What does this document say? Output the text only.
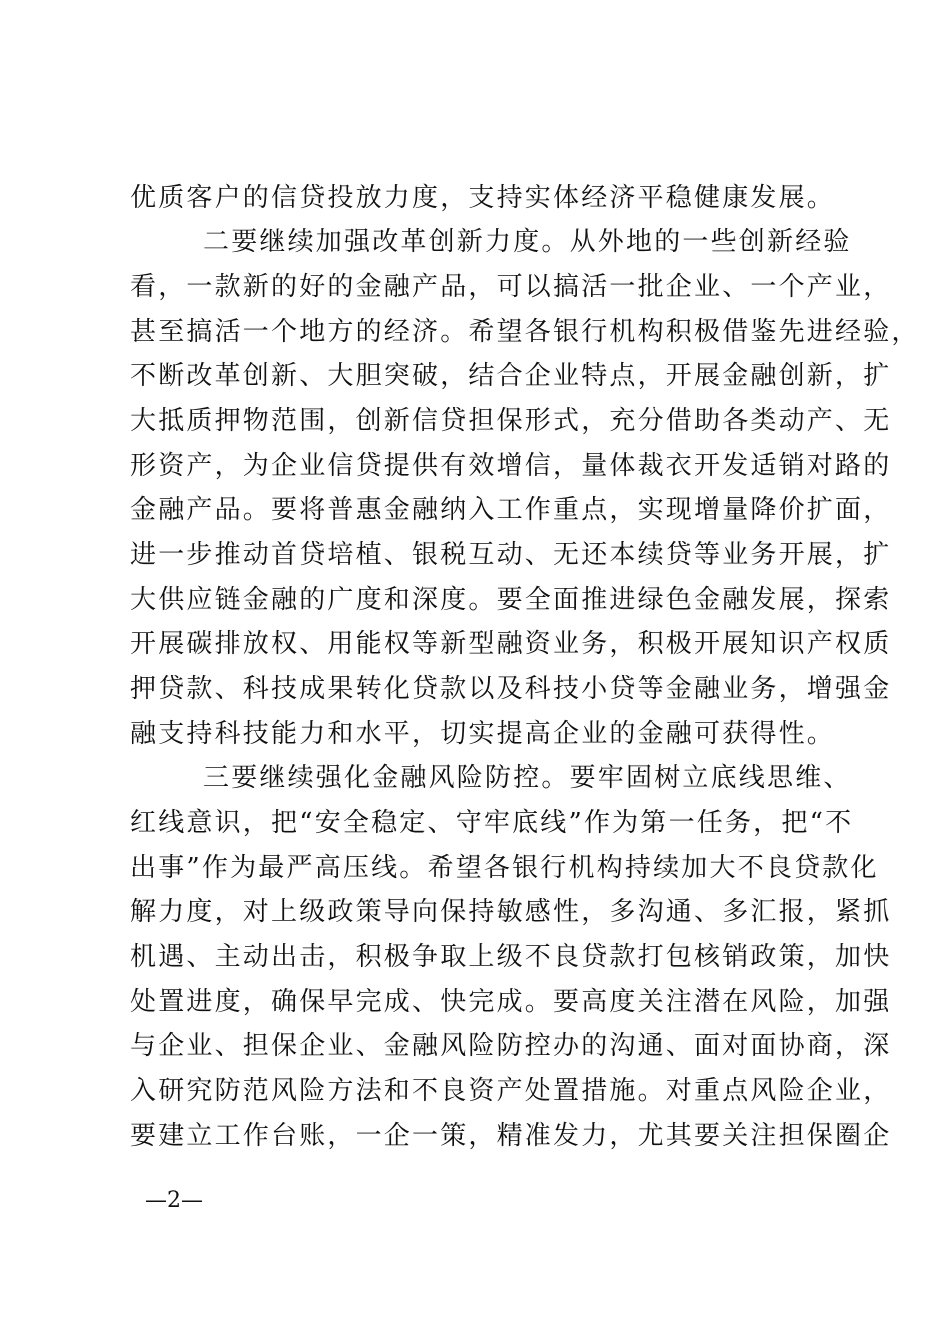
优质客户的信贷投放力度，支持实体经济平稳健康发展。
二要继续加强改革创新力度。从外地的一些创新经验
看，一款新的好的金融产品，可以搞活一批企业、一个产业，
甚至搞活一个地方的经济。希望各银行机构积极借鉴先进经验，
不断改革创新、大胆突破，结合企业特点，开展金融创新，扩
大抵质押物范围，创新信贷担保形式，充分借助各类动产、无
形资产，为企业信贷提供有效增信，量体裁衣开发适销对路的
金融产品。要将普惠金融纳入工作重点，实现增量降价扩面，
进一步推动首贷培植、银税互动、无还本续贷等业务开展，扩
大供应链金融的广度和深度。要全面推进绿色金融发展，探索
开展碳排放权、用能权等新型融资业务，积极开展知识产权质
押贷款、科技成果转化贷款以及科技小贷等金融业务，增强金
融支持科技能力和水平，切实提高企业的金融可获得性。
三要继续强化金融风险防控。要牢固树立底线思维、
红线意识，把“安全稳定、守牢底线”作为第一任务，把“不
出事”作为最严高压线。希望各银行机构持续加大不良贷款化
解力度，对上级政策导向保持敏感性，多沟通、多汇报，紧抓
机遇、主动出击，积极争取上级不良贷款打包核销政策，加快
处置进度，确保早完成、快完成。要高度关注潜在风险，加强
与企业、担保企业、金融风险防控办的沟通、面对面协商，深
入研究防范风险方法和不良资产处置措施。对重点风险企业，
要建立工作台账，一企一策，精准发力，尤其要关注担保圈企
—2—
